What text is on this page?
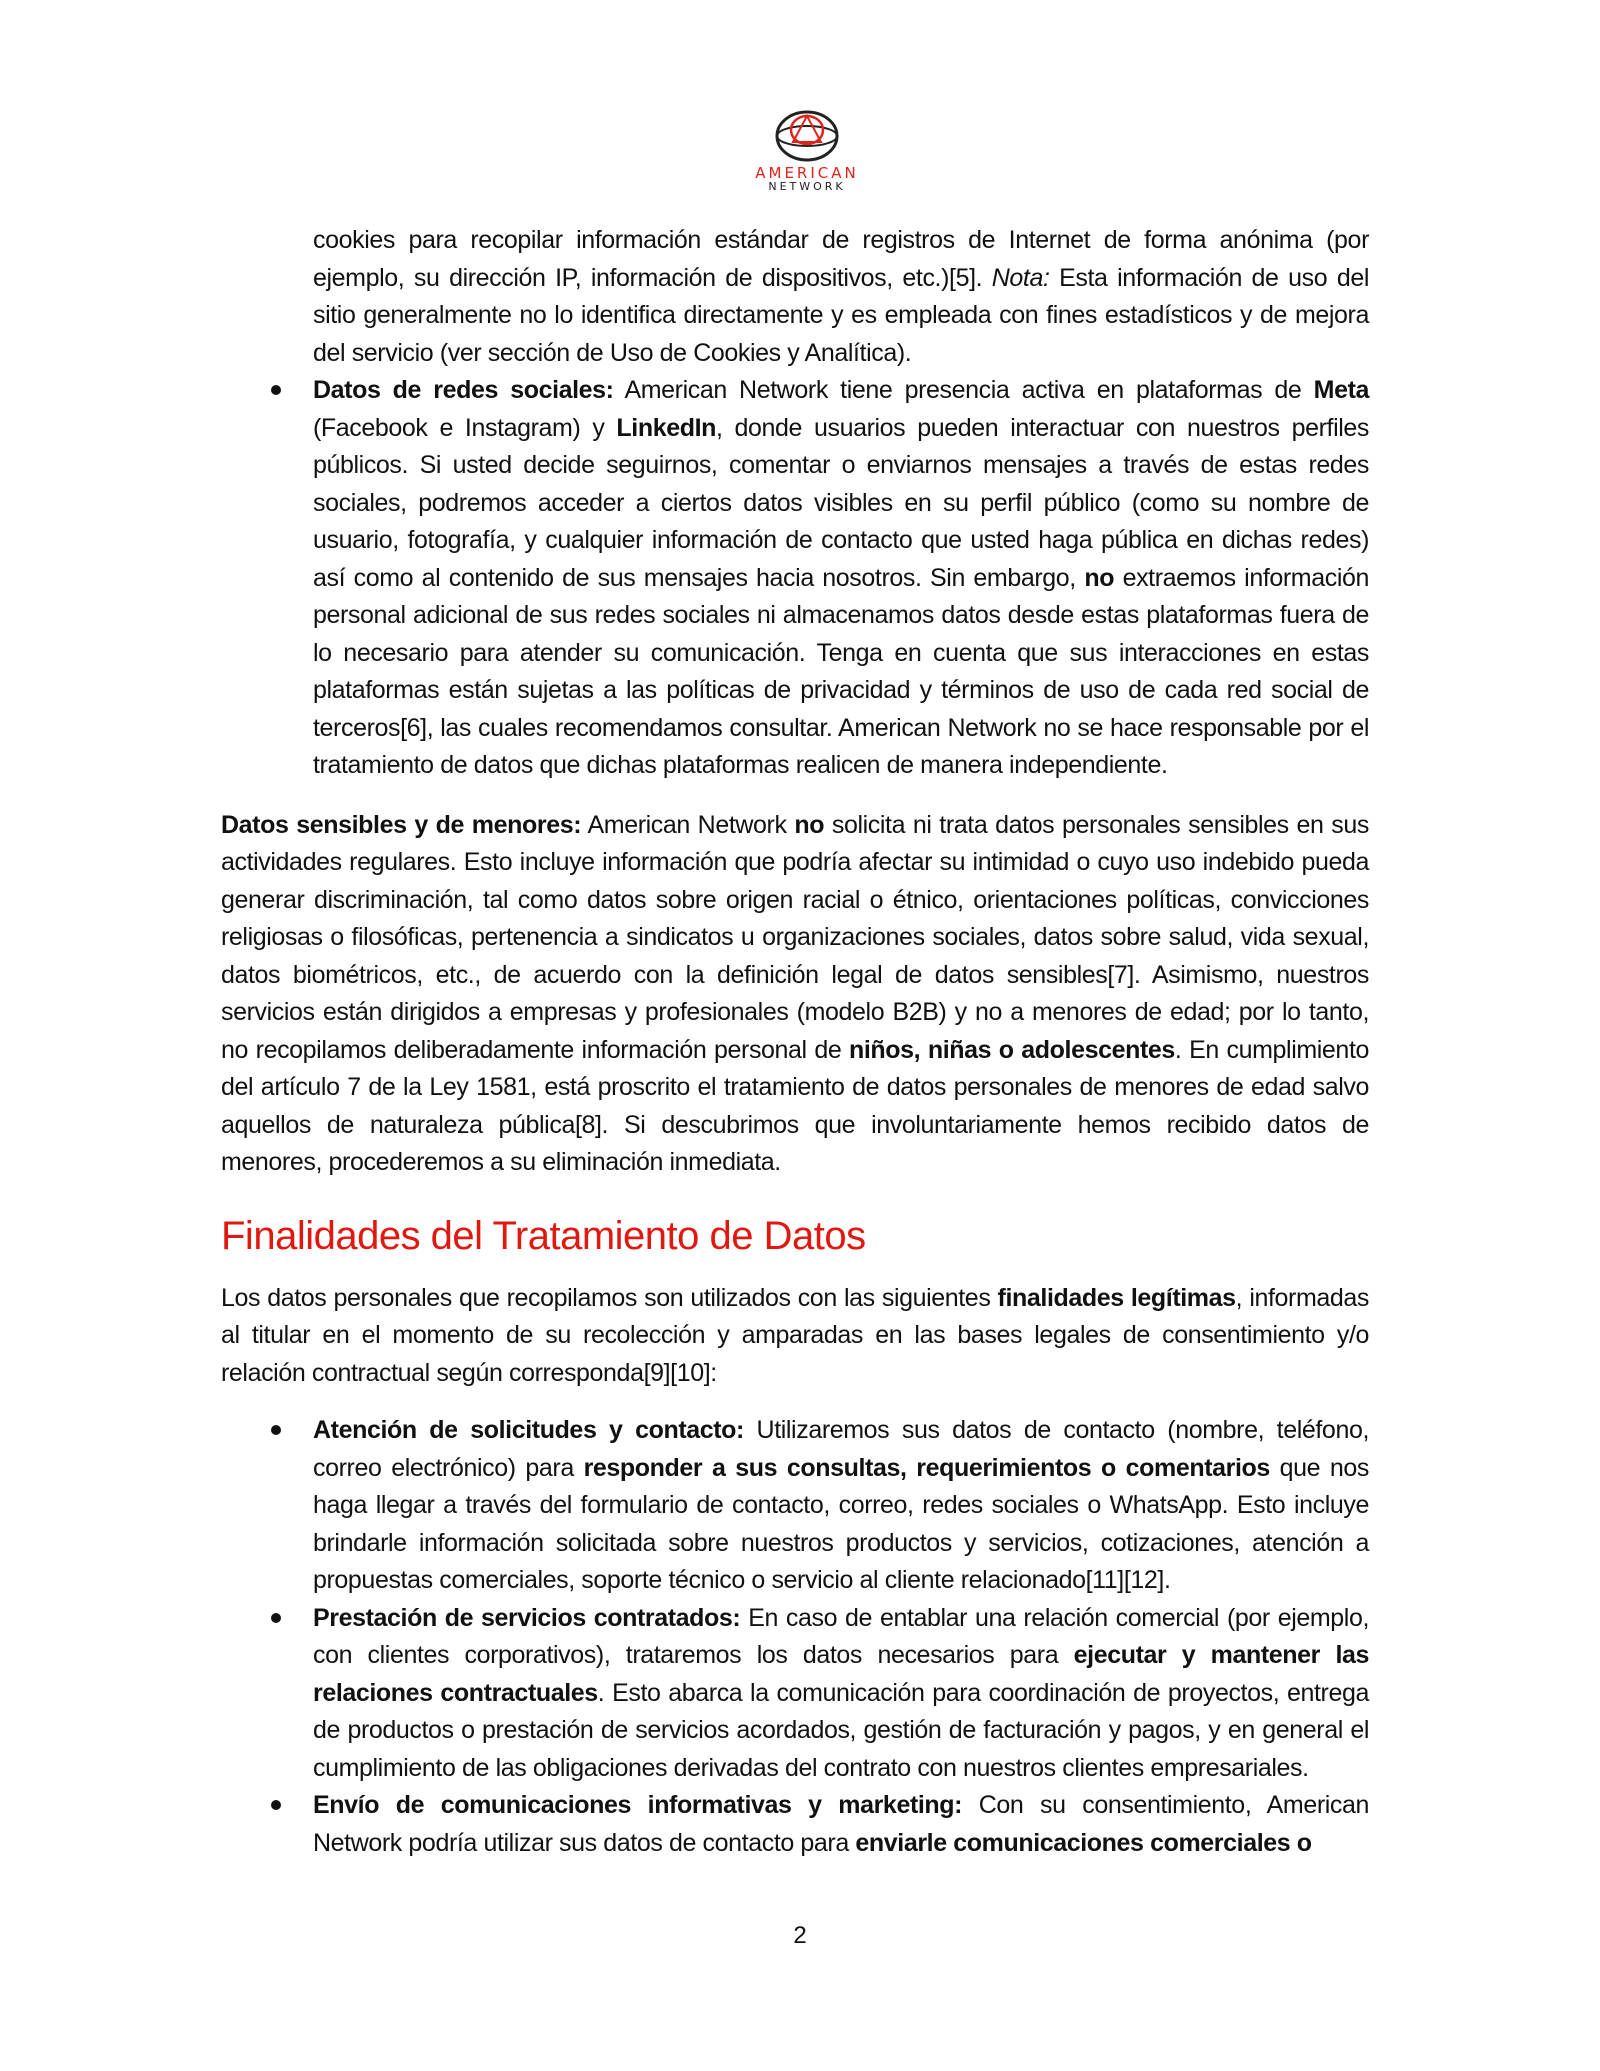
AMERICAN
NETWORK

cookies para recopilar información estándar de registros de Internet de forma anónima (por ejemplo, su dirección IP, información de dispositivos, etc.)[5]. Nota: Esta información de uso del sitio generalmente no lo identifica directamente y es empleada con fines estadísticos y de mejora del servicio (ver sección de Uso de Cookies y Analítica).

Datos de redes sociales: American Network tiene presencia activa en plataformas de Meta (Facebook e Instagram) y LinkedIn, donde usuarios pueden interactuar con nuestros perfiles públicos. Si usted decide seguirnos, comentar o enviarnos mensajes a través de estas redes sociales, podremos acceder a ciertos datos visibles en su perfil público (como su nombre de usuario, fotografía, y cualquier información de contacto que usted haga pública en dichas redes) así como al contenido de sus mensajes hacia nosotros. Sin embargo, no extraemos información personal adicional de sus redes sociales ni almacenamos datos desde estas plataformas fuera de lo necesario para atender su comunicación. Tenga en cuenta que sus interacciones en estas plataformas están sujetas a las políticas de privacidad y términos de uso de cada red social de terceros[6], las cuales recomendamos consultar. American Network no se hace responsable por el tratamiento de datos que dichas plataformas realicen de manera independiente.

Datos sensibles y de menores: American Network no solicita ni trata datos personales sensibles en sus actividades regulares. Esto incluye información que podría afectar su intimidad o cuyo uso indebido pueda generar discriminación, tal como datos sobre origen racial o étnico, orientaciones políticas, convicciones religiosas o filosóficas, pertenencia a sindicatos u organizaciones sociales, datos sobre salud, vida sexual, datos biométricos, etc., de acuerdo con la definición legal de datos sensibles[7]. Asimismo, nuestros servicios están dirigidos a empresas y profesionales (modelo B2B) y no a menores de edad; por lo tanto, no recopilamos deliberadamente información personal de niños, niñas o adolescentes. En cumplimiento del artículo 7 de la Ley 1581, está proscrito el tratamiento de datos personales de menores de edad salvo aquellos de naturaleza pública[8]. Si descubrimos que involuntariamente hemos recibido datos de menores, procederemos a su eliminación inmediata.

Finalidades del Tratamiento de Datos

Los datos personales que recopilamos son utilizados con las siguientes finalidades legítimas, informadas al titular en el momento de su recolección y amparadas en las bases legales de consentimiento y/o relación contractual según corresponda[9][10]:

Atención de solicitudes y contacto: Utilizaremos sus datos de contacto (nombre, teléfono, correo electrónico) para responder a sus consultas, requerimientos o comentarios que nos haga llegar a través del formulario de contacto, correo, redes sociales o WhatsApp. Esto incluye brindarle información solicitada sobre nuestros productos y servicios, cotizaciones, atención a propuestas comerciales, soporte técnico o servicio al cliente relacionado[11][12].
Prestación de servicios contratados: En caso de entablar una relación comercial (por ejemplo, con clientes corporativos), trataremos los datos necesarios para ejecutar y mantener las relaciones contractuales. Esto abarca la comunicación para coordinación de proyectos, entrega de productos o prestación de servicios acordados, gestión de facturación y pagos, y en general el cumplimiento de las obligaciones derivadas del contrato con nuestros clientes empresariales.
Envío de comunicaciones informativas y marketing: Con su consentimiento, American Network podría utilizar sus datos de contacto para enviarle comunicaciones comerciales o
2
